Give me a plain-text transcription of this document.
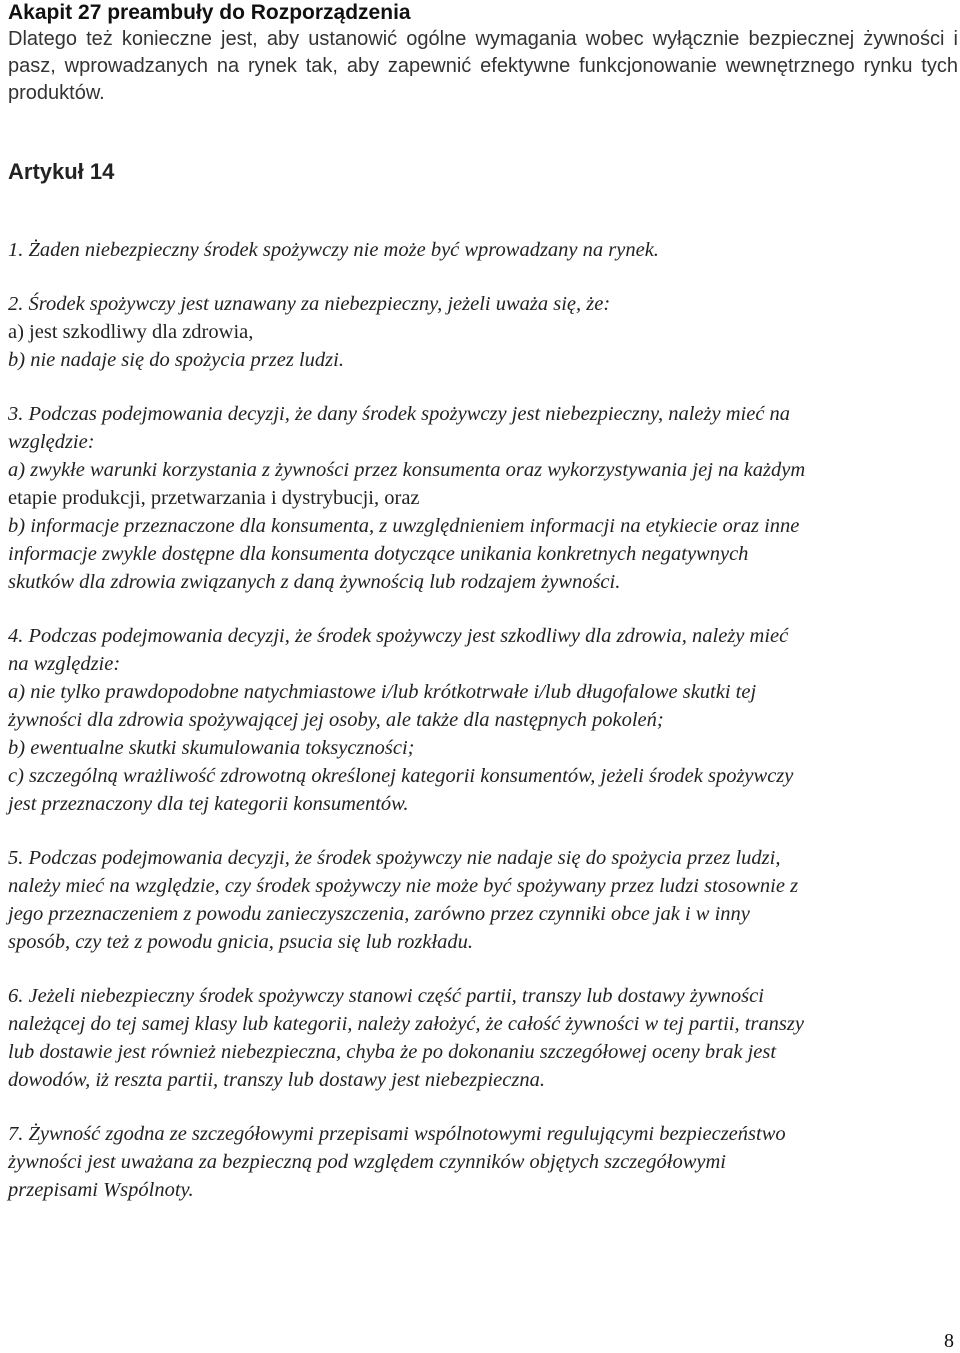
Akapit 27 preambuły do Rozporządzenia

Dlatego też konieczne jest, aby ustanowić ogólne wymagania wobec wyłącznie bezpiecznej żywności i pasz, wprowadzanych na rynek tak, aby zapewnić efektywne funkcjonowanie wewnętrznego rynku tych produktów.

Artykuł 14
1. Żaden niebezpieczny środek spożywczy nie może być wprowadzany na rynek.
2. Środek spożywczy jest uznawany za niebezpieczny, jeżeli uważa się, że:
a) jest szkodliwy dla zdrowia,
b) nie nadaje się do spożycia przez ludzi.
3. Podczas podejmowania decyzji, że dany środek spożywczy jest niebezpieczny, należy mieć na
względzie:
a) zwykłe warunki korzystania z żywności przez konsumenta oraz wykorzystywania jej na każdym
etapie produkcji, przetwarzania i dystrybucji, oraz
b) informacje przeznaczone dla konsumenta, z uwzględnieniem informacji na etykiecie oraz inne
informacje zwykle dostępne dla konsumenta dotyczące unikania konkretnych negatywnych
skutków dla zdrowia związanych z daną żywnością lub rodzajem żywności.
4. Podczas podejmowania decyzji, że środek spożywczy jest szkodliwy dla zdrowia, należy mieć
na względzie:
a) nie tylko prawdopodobne natychmiastowe i/lub krótkotrwałe i/lub długofalowe skutki tej
żywności dla zdrowia spożywającej jej osoby, ale także dla następnych pokoleń;
b) ewentualne skutki skumulowania toksyczności;
c) szczególną wrażliwość zdrowotną określonej kategorii konsumentów, jeżeli środek spożywczy
jest przeznaczony dla tej kategorii konsumentów.
5. Podczas podejmowania decyzji, że środek spożywczy nie nadaje się do spożycia przez ludzi,
należy mieć na względzie, czy środek spożywczy nie może być spożywany przez ludzi stosownie z
jego przeznaczeniem z powodu zanieczyszczenia, zarówno przez czynniki obce jak i w inny
sposób, czy też z powodu gnicia, psucia się lub rozkładu.
6. Jeżeli niebezpieczny środek spożywczy stanowi część partii, transzy lub dostawy żywności
należącej do tej samej klasy lub kategorii, należy założyć, że całość żywności w tej partii, transzy
lub dostawie jest również niebezpieczna, chyba że po dokonaniu szczegółowej oceny brak jest
dowodów, iż reszta partii, transzy lub dostawy jest niebezpieczna.
7. Żywność zgodna ze szczegółowymi przepisami wspólnotowymi regulującymi bezpieczeństwo
żywności jest uważana za bezpieczną pod względem czynników objętych szczegółowymi
przepisami Wspólnoty.
8
